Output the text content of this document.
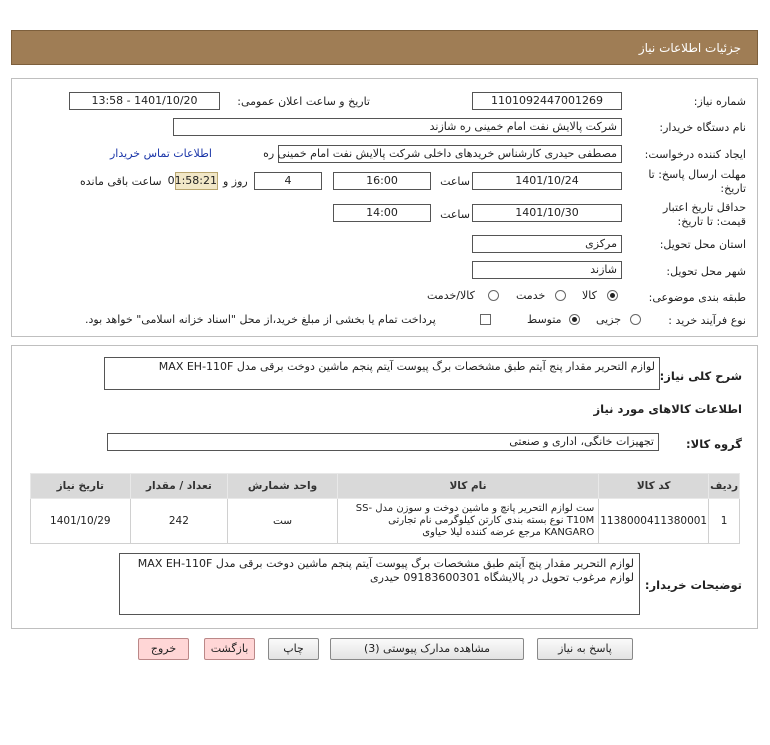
جزئیات اطلاعات نیاز
شماره نیاز:
1101092447001269
تاریخ و ساعت اعلان عمومی:
1401/10/20 - 13:58
نام دستگاه خریدار:
شرکت پالایش نفت امام خمینی ره شازند
ایجاد کننده درخواست:
مصطفی حیدری کارشناس خریدهای داخلی شرکت پالایش نفت امام خمینی ره
اطلاعات تماس خریدار
مهلت ارسال پاسخ: تا
تاریخ:
1401/10/24
ساعت
16:00
4
روز و
01:58:21
ساعت باقی مانده
حداقل تاریخ اعتبار
قیمت: تا تاریخ:
1401/10/30
ساعت
14:00
استان محل تحویل:
مرکزی
شهر محل تحویل:
شازند
طبقه بندی موضوعی:
کالا
خدمت
کالا/خدمت
نوع فرآیند خرید :
جزیی
متوسط
پرداخت تمام یا بخشی از مبلغ خرید،از محل "اسناد خزانه اسلامی" خواهد بود.
شرح کلی نیاز:
لوازم التحریر مقدار پنج آیتم طبق مشخصات برگ پیوست آیتم پنجم ماشین دوخت برقی مدل MAX EH-110F
اطلاعات کالاهای مورد نیاز
گروه کالا:
تجهیزات خانگی، اداری و صنعتی
ردیف	کد کالا	نام کالا	واحد شمارش	تعداد / مقدار	تاریخ نیاز
1	1138000411380001	ست لوازم التحریر پانچ و ماشین دوخت و سوزن مدل SS-T10M نوع بسته بندی کارتن کیلوگرمی نام تجارتی KANGARO مرجع عرضه کننده لیلا حیاوی	ست	242	1401/10/29
توضیحات خریدار:
لوازم التحریر مقدار پنج آیتم طبق مشخصات برگ پیوست آیتم پنجم ماشین دوخت برقی مدل MAX EH-110F
لوازم مرغوب تحویل در پالایشگاه 09183600301 حیدری
پاسخ به نیاز
مشاهده مدارک پیوستی (3)
چاپ
بازگشت
خروج
